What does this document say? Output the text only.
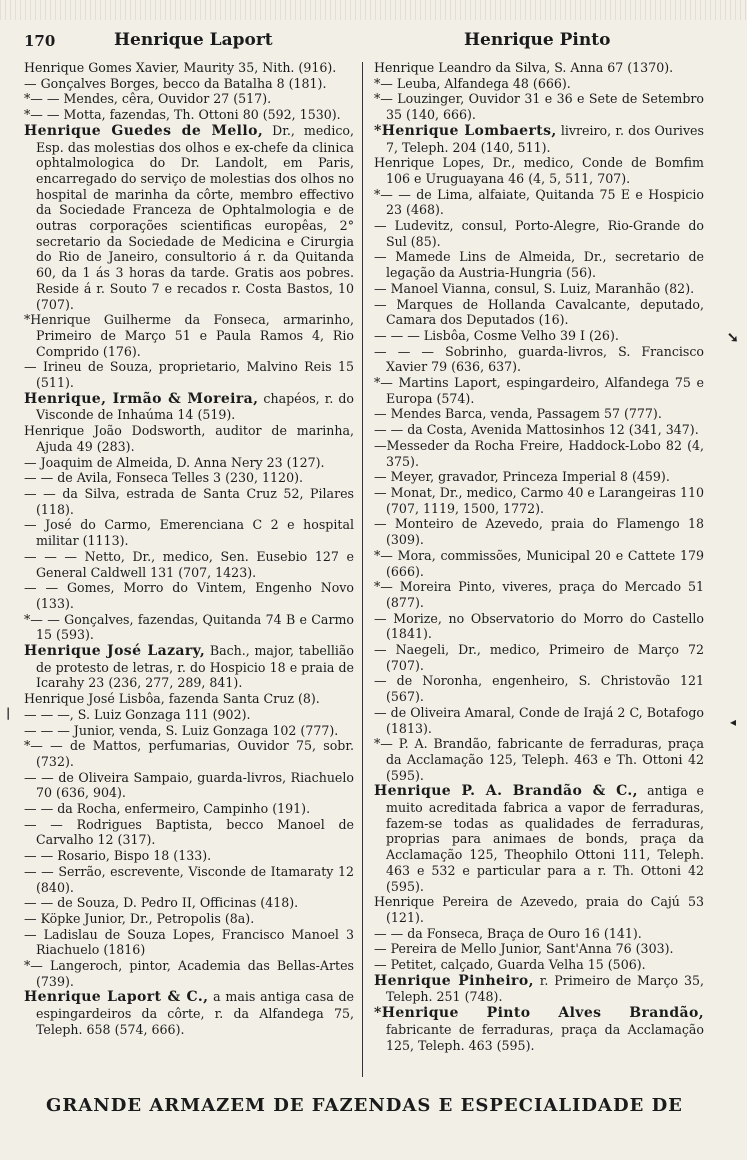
170	Henrique Laport	Henrique Pinto

Henrique Gomes Xavier, Maurity 35, Nith. (916).

— Gonçalves Borges, becco da Batalha 8 (181).

*— — Mendes, cêra, Ouvidor 27 (517).

*— — Motta, fazendas, Th. Ottoni 80 (592, 1530).

Henrique Guedes de Mello, Dr., medico, Esp. das molestias dos olhos e ex-chefe da clinica ophtalmologica do Dr. Landolt, em Paris, encarregado do serviço de molestias dos olhos no hospital de marinha da côrte, membro effectivo da Sociedade Franceza de Ophtalmologia e de outras corporações scientificas europêas, 2° secretario da Sociedade de Medicina e Cirurgia do Rio de Janeiro, consultorio á r. da Quitanda 60, da 1 ás 3 horas da tarde. Gratis aos pobres. Reside á r. Souto 7 e recados r. Costa Bastos, 10 (707).

*Henrique Guilherme da Fonseca, armarinho, Primeiro de Março 51 e Paula Ramos 4, Rio Comprido (176).

— Irineu de Souza, proprietario, Malvino Reis 15 (511).

Henrique, Irmão & Moreira, chapéos, r. do Visconde de Inhaúma 14 (519).

Henrique João Dodsworth, auditor de marinha, Ajuda 49 (283).

— Joaquim de Almeida, D. Anna Nery 23 (127).

— — de Avila, Fonseca Telles 3 (230, 1120).

— — da Silva, estrada de Santa Cruz 52, Pilares (118).

— José do Carmo, Emerenciana C 2 e hospital militar (1113).

— — — Netto, Dr., medico, Sen. Eusebio 127 e General Caldwell 131 (707, 1423).

— — Gomes, Morro do Vintem, Engenho Novo (133).

*— — Gonçalves, fazendas, Quitanda 74 B e Carmo 15 (593).

Henrique José Lazary, Bach., major, tabellião de protesto de letras, r. do Hospicio 18 e praia de Icarahy 23 (236, 277, 289, 841).

Henrique José Lisbôa, fazenda Santa Cruz (8).

— — —, S. Luiz Gonzaga 111 (902).

— — — Junior, venda, S. Luiz Gonzaga 102 (777).

*— — de Mattos, perfumarias, Ouvidor 75, sobr. (732).

— — de Oliveira Sampaio, guarda-livros, Riachuelo 70 (636, 904).

— — da Rocha, enfermeiro, Campinho (191).

— — Rodrigues Baptista, becco Manoel de Carvalho 12 (317).

— — Rosario, Bispo 18 (133).

— — Serrão, escrevente, Visconde de Itamaraty 12 (840).

— — de Souza, D. Pedro II, Officinas (418).

— Köpke Junior, Dr., Petropolis (8a).

— Ladislau de Souza Lopes, Francisco Manoel 3 Riachuelo (1816)

*— Langeroch, pintor, Academia das Bellas-Artes (739).

Henrique Laport & C., a mais antiga casa de espingardeiros da côrte, r. da Alfandega 75, Teleph. 658 (574, 666).

Henrique Leandro da Silva, S. Anna 67 (1370).

*— Leuba, Alfandega 48 (666).

*— Louzinger, Ouvidor 31 e 36 e Sete de Setembro 35 (140, 666).

*Henrique Lombaerts, livreiro, r. dos Ourives 7, Teleph. 204 (140, 511).

Henrique Lopes, Dr., medico, Conde de Bomfim 106 e Uruguayana 46 (4, 5, 511, 707).

*— — de Lima, alfaiate, Quitanda 75 E e Hospicio 23 (468).

— Ludevitz, consul, Porto-Alegre, Rio-Grande do Sul (85).

— Mamede Lins de Almeida, Dr., secretario de legação da Austria-Hungria (56).

— Manoel Vianna, consul, S. Luiz, Maranhão (82).

— Marques de Hollanda Cavalcante, deputado, Camara dos Deputados (16).

— — — Lisbôa, Cosme Velho 39 I (26).

— — — Sobrinho, guarda-livros, S. Francisco Xavier 79 (636, 637).

*— Martins Laport, espingardeiro, Alfandega 75 e Europa (574).

— Mendes Barca, venda, Passagem 57 (777).

— — da Costa, Avenida Mattosinhos 12 (341, 347).

—Messeder da Rocha Freire, Haddock-Lobo 82 (4, 375).

— Meyer, gravador, Princeza Imperial 8 (459).

— Monat, Dr., medico, Carmo 40 e Larangeiras 110 (707, 1119, 1500, 1772).

— Monteiro de Azevedo, praia do Flamengo 18 (309).

*— Mora, commissões, Municipal 20 e Cattete 179 (666).

*— Moreira Pinto, viveres, praça do Mercado 51 (877).

— Morize, no Observatorio do Morro do Castello (1841).

— Naegeli, Dr., medico, Primeiro de Março 72 (707).

— de Noronha, engenheiro, S. Christovão 121 (567).

— de Oliveira Amaral, Conde de Irajá 2 C, Botafogo (1813).

*— P. A. Brandão, fabricante de ferraduras, praça da Acclamação 125, Teleph. 463 e Th. Ottoni 42 (595).

Henrique P. A. Brandão & C., antiga e muito acreditada fabrica a vapor de ferraduras, fazem-se todas as qualidades de ferraduras, proprias para animaes de bonds, praça da Acclamação 125, Theophilo Ottoni 111, Teleph. 463 e 532 e particular para a r. Th. Ottoni 42 (595).

Henrique Pereira de Azevedo, praia do Cajú 53 (121).

— — da Fonseca, Braça de Ouro 16 (141).

— Pereira de Mello Junior, Sant'Anna 76 (303).

— Petitet, calçado, Guarda Velha 15 (506).

Henrique Pinheiro, r. Primeiro de Março 35, Teleph. 251 (748).

*Henrique Pinto Alves Brandão, fabricante de ferraduras, praça da Acclamação 125, Teleph. 463 (595).

➘
◂
|
GRANDE ARMAZEM DE FAZENDAS E ESPECIALIDADE DE
